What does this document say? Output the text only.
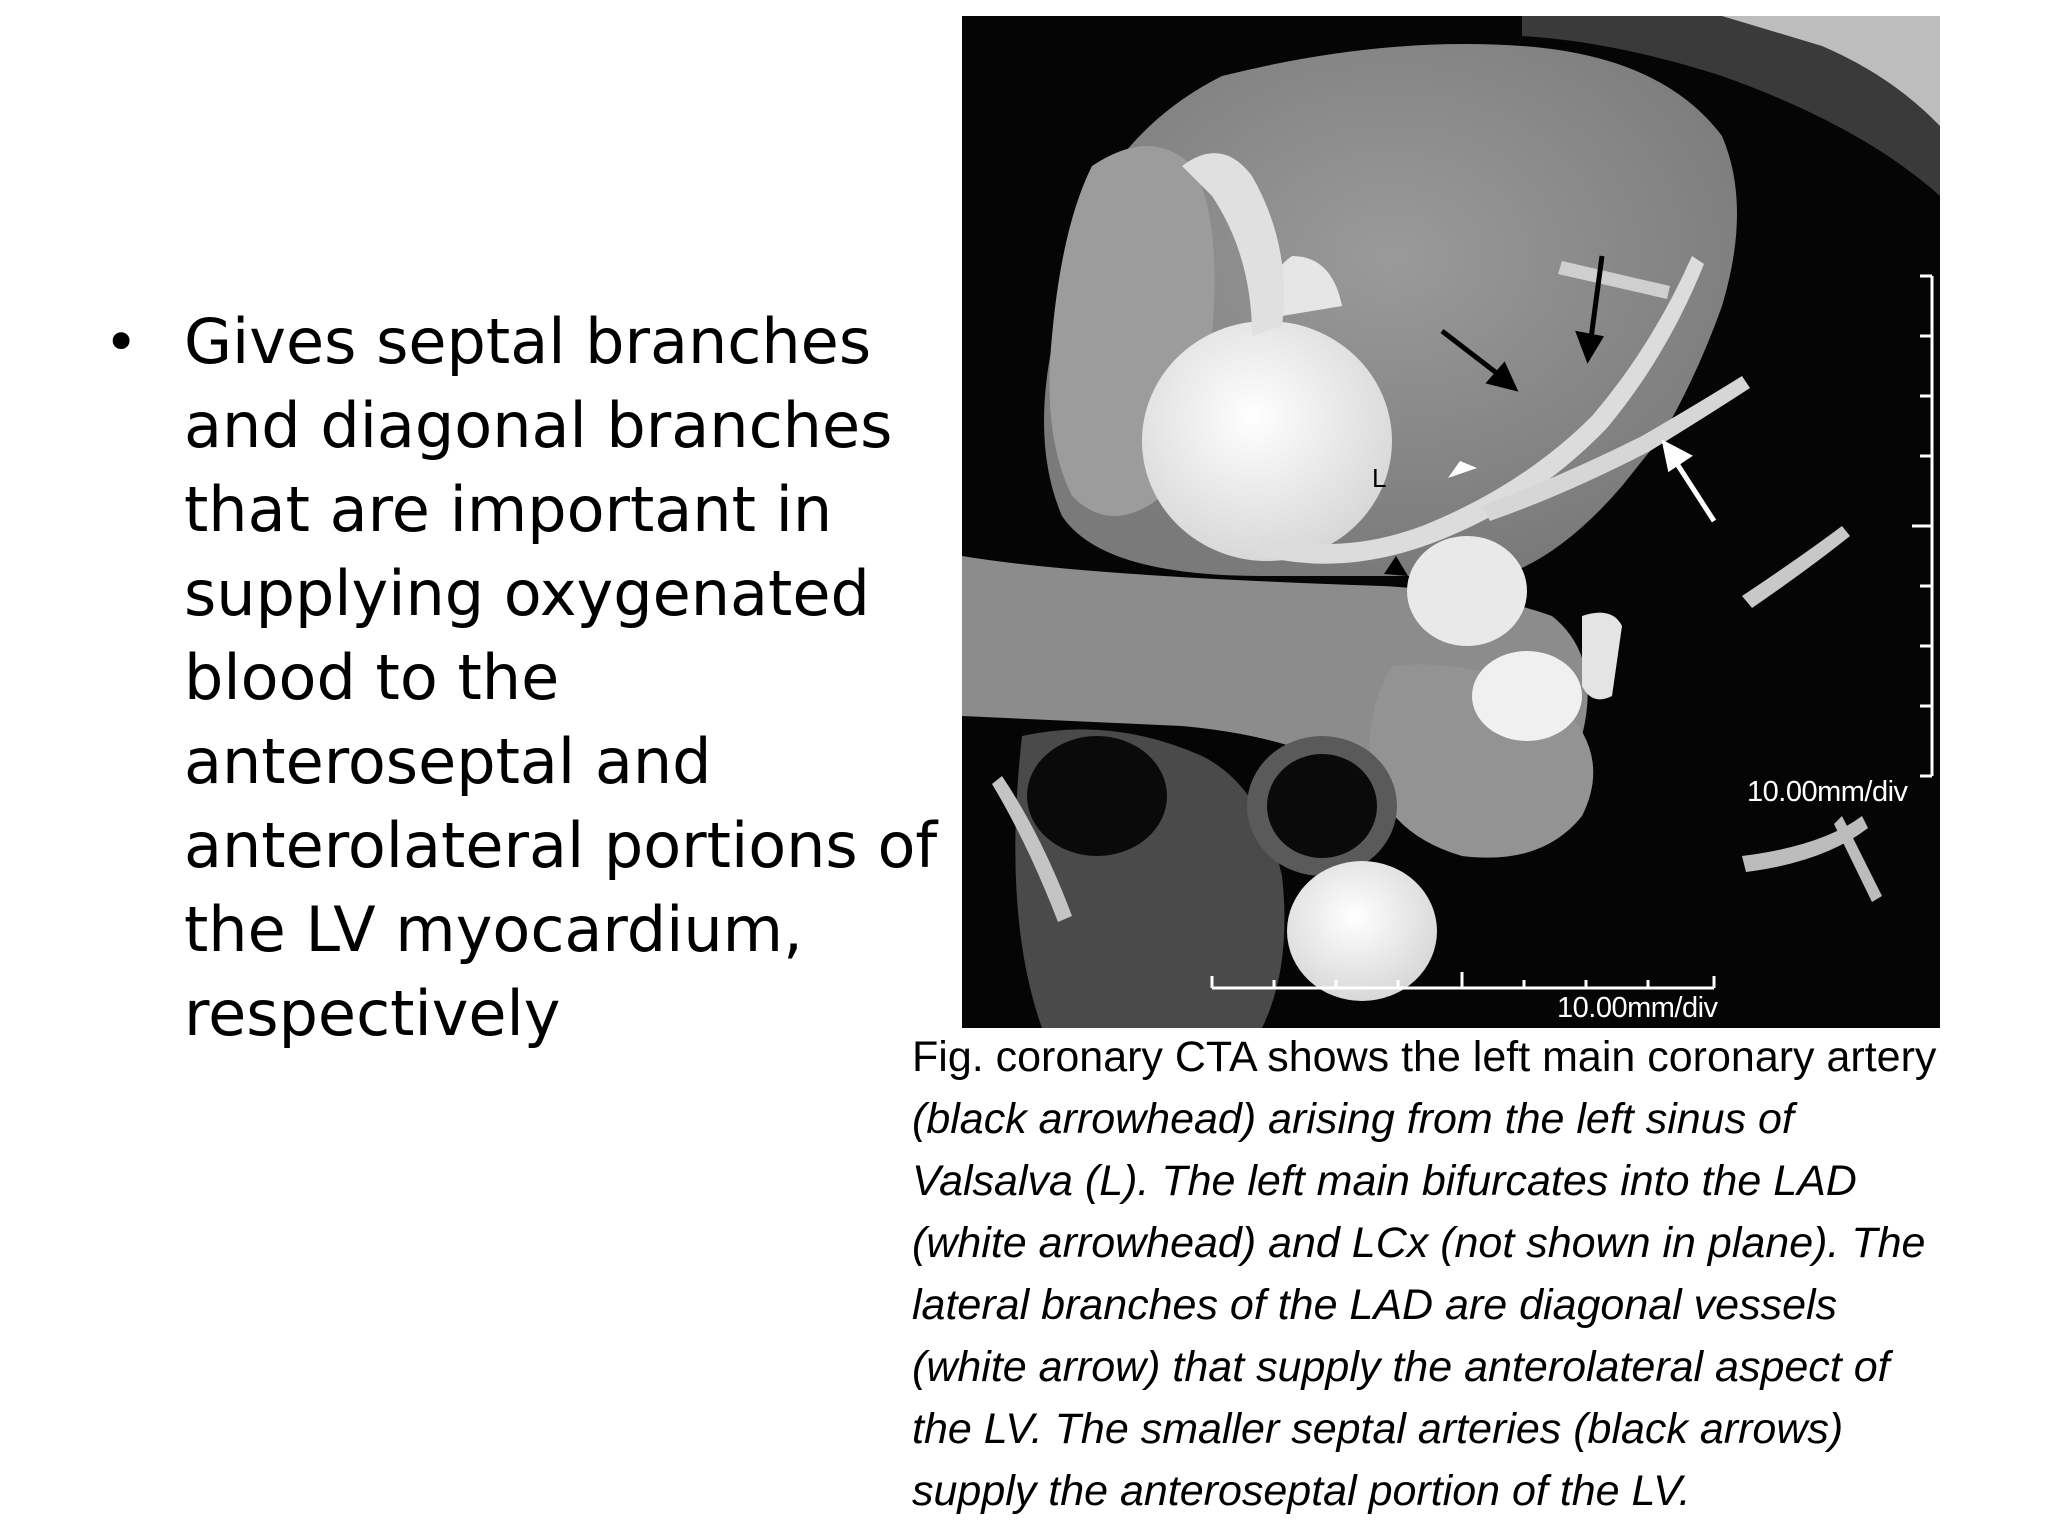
• Gives septal branches
and diagonal branches
that are important in
supplying oxygenated
blood to the
anteroseptal and
anterolateral portions of
the LV myocardium,
respectively

L
10.00mm/div
10.00mm/div

Fig. coronary CTA shows the left main coronary artery
(black arrowhead) arising from the left sinus of
Valsalva (L). The left main bifurcates into the LAD
(white arrowhead) and LCx (not shown in plane). The
lateral branches of the LAD are diagonal vessels
(white arrow) that supply the anterolateral aspect of
the LV. The smaller septal arteries (black arrows)
supply the anteroseptal portion of the LV.
